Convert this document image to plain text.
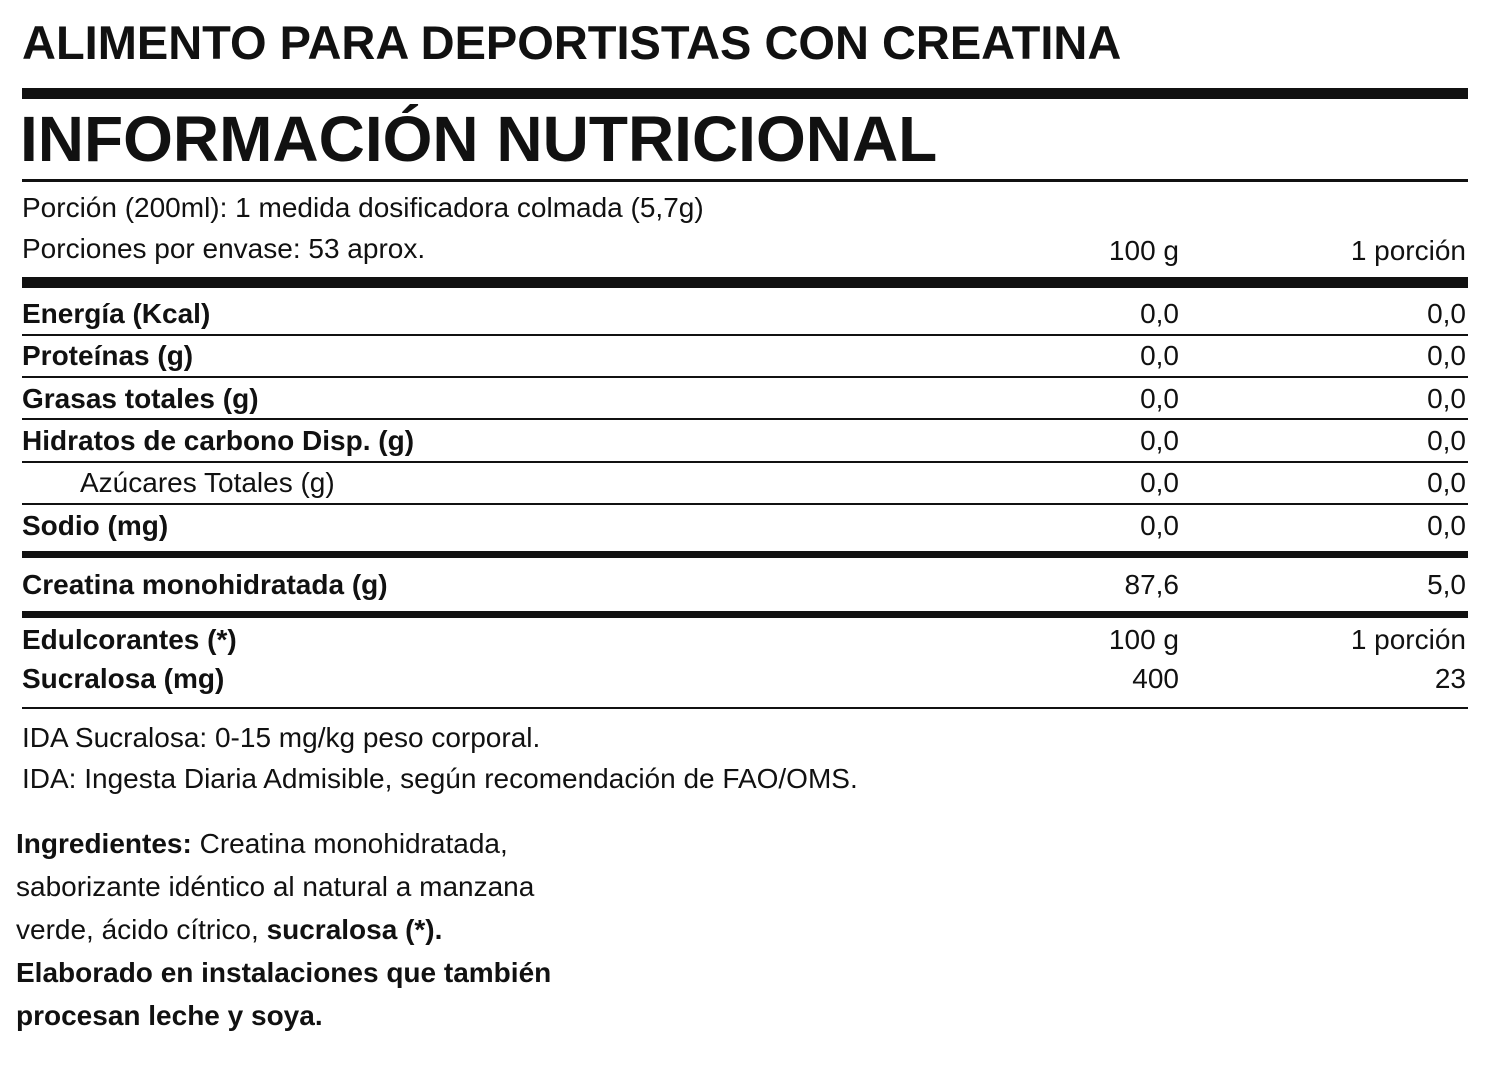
ALIMENTO PARA DEPORTISTAS CON CREATINA
INFORMACIÓN NUTRICIONAL
Porción (200ml): 1 medida dosificadora colmada (5,7g)
Porciones por envase: 53 aprox.	100 g	1 porción
Energía (Kcal)	0,0	0,0
Proteínas (g)	0,0	0,0
Grasas totales (g)	0,0	0,0
Hidratos de carbono Disp. (g)	0,0	0,0
Azúcares Totales (g)	0,0	0,0
Sodio (mg)	0,0	0,0
Creatina monohidratada (g)	87,6	5,0
Edulcorantes (*)	100 g	1 porción
Sucralosa (mg)	400	23
IDA Sucralosa: 0-15 mg/kg peso corporal.
IDA: Ingesta Diaria Admisible, según recomendación de FAO/OMS.
Ingredientes: Creatina monohidratada,
saborizante idéntico al natural a manzana
verde, ácido cítrico, sucralosa (*).
Elaborado en instalaciones que también
procesan leche y soya.
